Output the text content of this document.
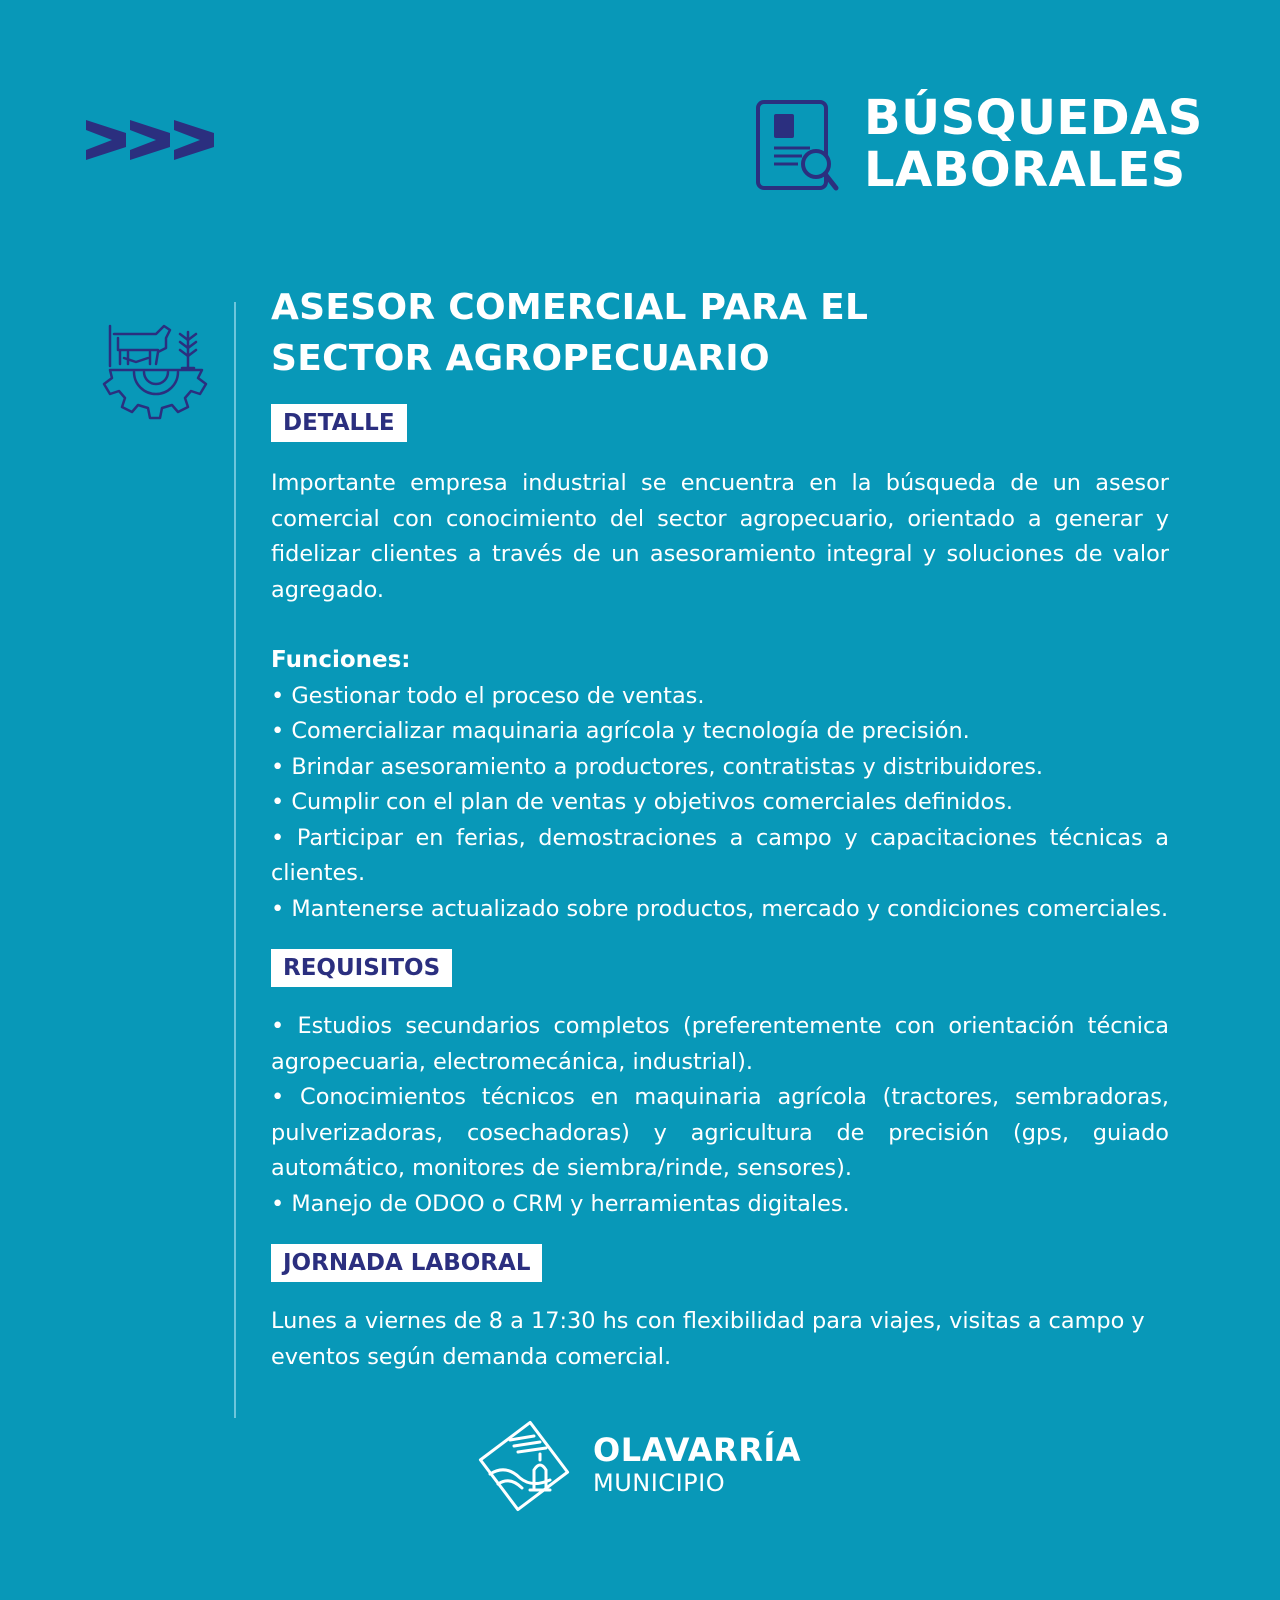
BÚSQUEDAS
LABORALES
ASESOR COMERCIAL PARA EL
SECTOR AGROPECUARIO
DETALLE

Importante empresa industrial se encuentra en la búsqueda de un asesor comercial con conocimiento del sector agropecuario, orientado a generar y fidelizar clientes a través de un asesoramiento integral y soluciones de valor agregado.

Funciones:
• Gestionar todo el proceso de ventas.
• Comercializar maquinaria agrícola y tecnología de precisión.
• Brindar asesoramiento a productores, contratistas y distribuidores.
• Cumplir con el plan de ventas y objetivos comerciales definidos.
• Participar en ferias, demostraciones a campo y capacitaciones técnicas a clientes.
• Mantenerse actualizado sobre productos, mercado y condiciones comerciales.
REQUISITOS
• Estudios secundarios completos (preferentemente con orientación técnica agropecuaria, electromecánica, industrial).
• Conocimientos técnicos en maquinaria agrícola (tractores, sembradoras, pulverizadoras, cosechadoras) y agricultura de precisión (gps, guiado automático, monitores de siembra/rinde, sensores).
• Manejo de ODOO o CRM y herramientas digitales.
JORNADA LABORAL

Lunes a viernes de 8 a 17:30 hs con flexibilidad para viajes, visitas a campo y eventos según demanda comercial.

OLAVARRÍA
MUNICIPIO
